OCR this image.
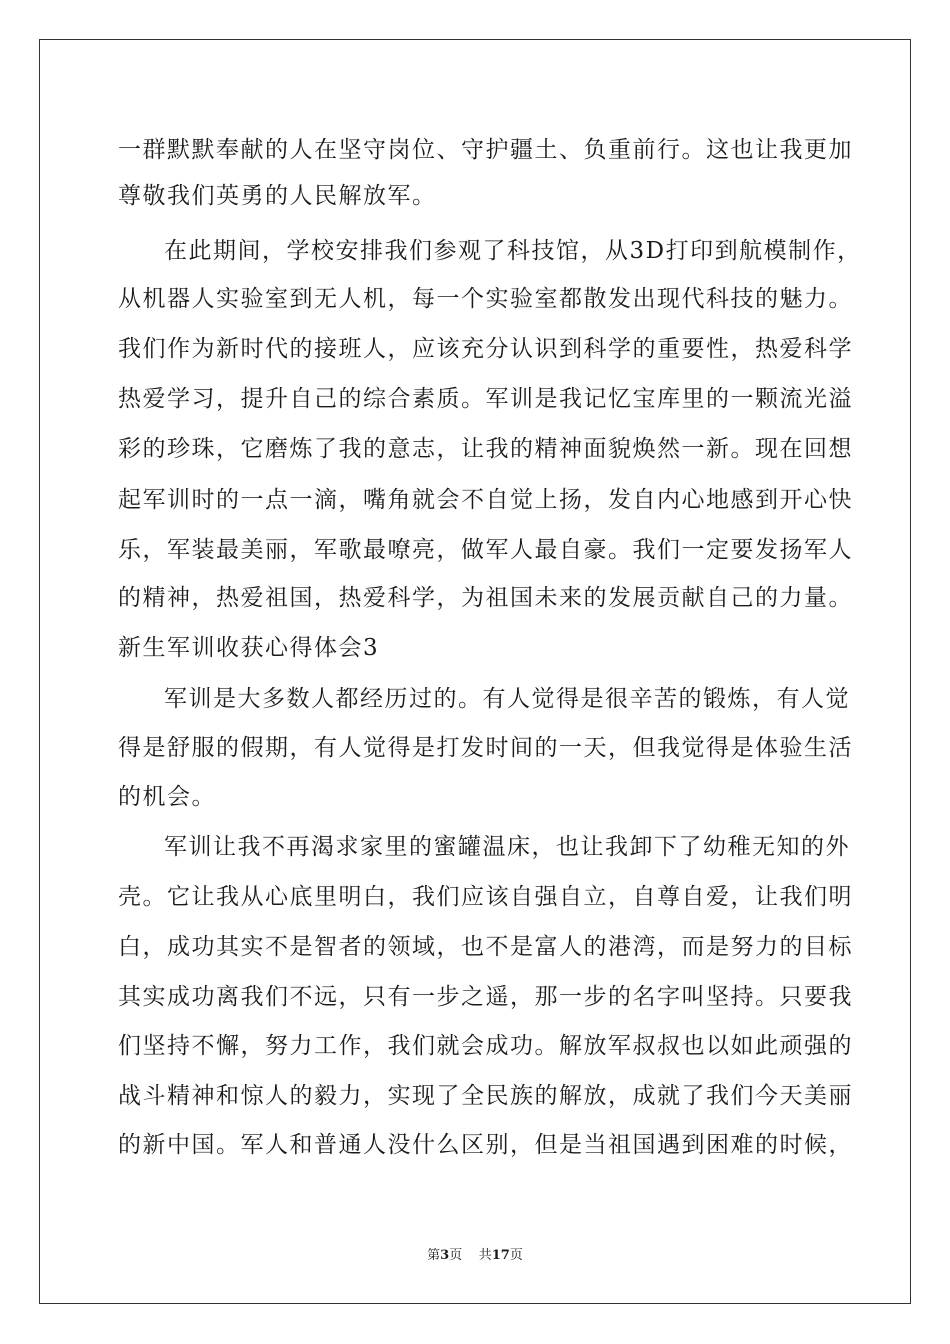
一群默默奉献的人在坚守岗位、守护疆土、负重前行。这也让我更加
尊敬我们英勇的人民解放军。
在此期间，学校安排我们参观了科技馆，从3D打印到航模制作，
从机器人实验室到无人机，每一个实验室都散发出现代科技的魅力。
我们作为新时代的接班人，应该充分认识到科学的重要性，热爱科学
热爱学习，提升自己的综合素质。军训是我记忆宝库里的一颗流光溢
彩的珍珠，它磨炼了我的意志，让我的精神面貌焕然一新。现在回想
起军训时的一点一滴，嘴角就会不自觉上扬，发自内心地感到开心快
乐，军装最美丽，军歌最嘹亮，做军人最自豪。我们一定要发扬军人
的精神，热爱祖国，热爱科学，为祖国未来的发展贡献自己的力量。
新生军训收获心得体会3
军训是大多数人都经历过的。有人觉得是很辛苦的锻炼，有人觉
得是舒服的假期，有人觉得是打发时间的一天，但我觉得是体验生活
的机会。
军训让我不再渴求家里的蜜罐温床，也让我卸下了幼稚无知的外
壳。它让我从心底里明白，我们应该自强自立，自尊自爱，让我们明
白，成功其实不是智者的领域，也不是富人的港湾，而是努力的目标
其实成功离我们不远，只有一步之遥，那一步的名字叫坚持。只要我
们坚持不懈，努力工作，我们就会成功。解放军叔叔也以如此顽强的
战斗精神和惊人的毅力，实现了全民族的解放，成就了我们今天美丽
的新中国。军人和普通人没什么区别，但是当祖国遇到困难的时候，
第3页 共17页
